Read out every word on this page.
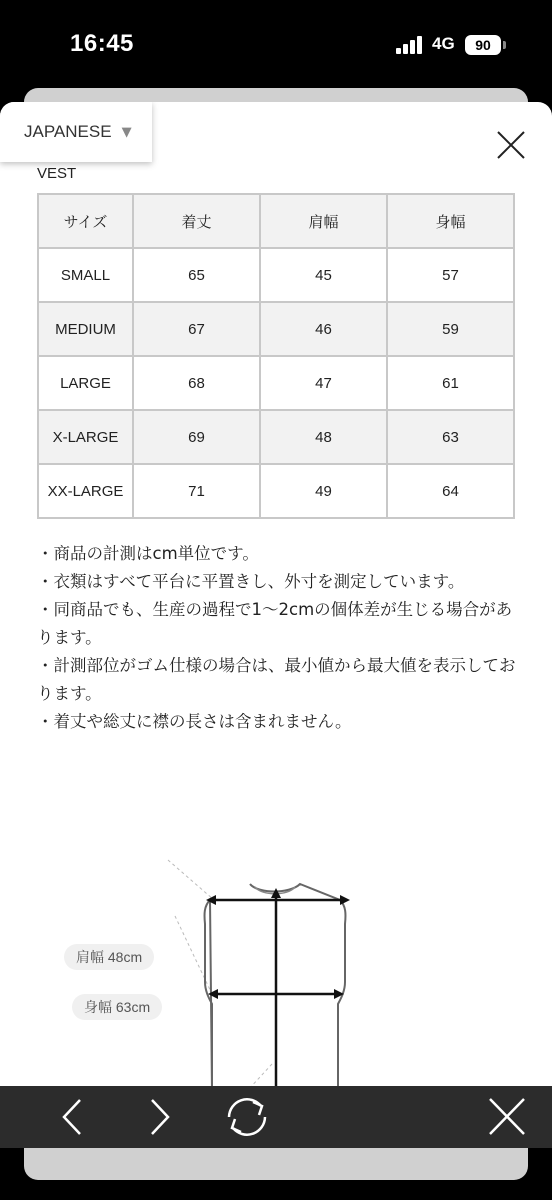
16:45	4G	90
JAPANESE ▼
VEST
サイズ	着丈	肩幅	身幅
SMALL	65	45	57
MEDIUM	67	46	59
LARGE	68	47	61
X-LARGE	69	48	63
XX-LARGE	71	49	64

・商品の計測はcm単位です。

・衣類はすべて平台に平置きし、外寸を測定しています。

・同商品でも、生産の過程で1〜2cmの個体差が生じる場合があります。

・計測部位がゴム仕様の場合は、最小値から最大値を表示しております。

・着丈や総丈に襟の長さは含まれません。

肩幅 48cm
身幅 63cm
